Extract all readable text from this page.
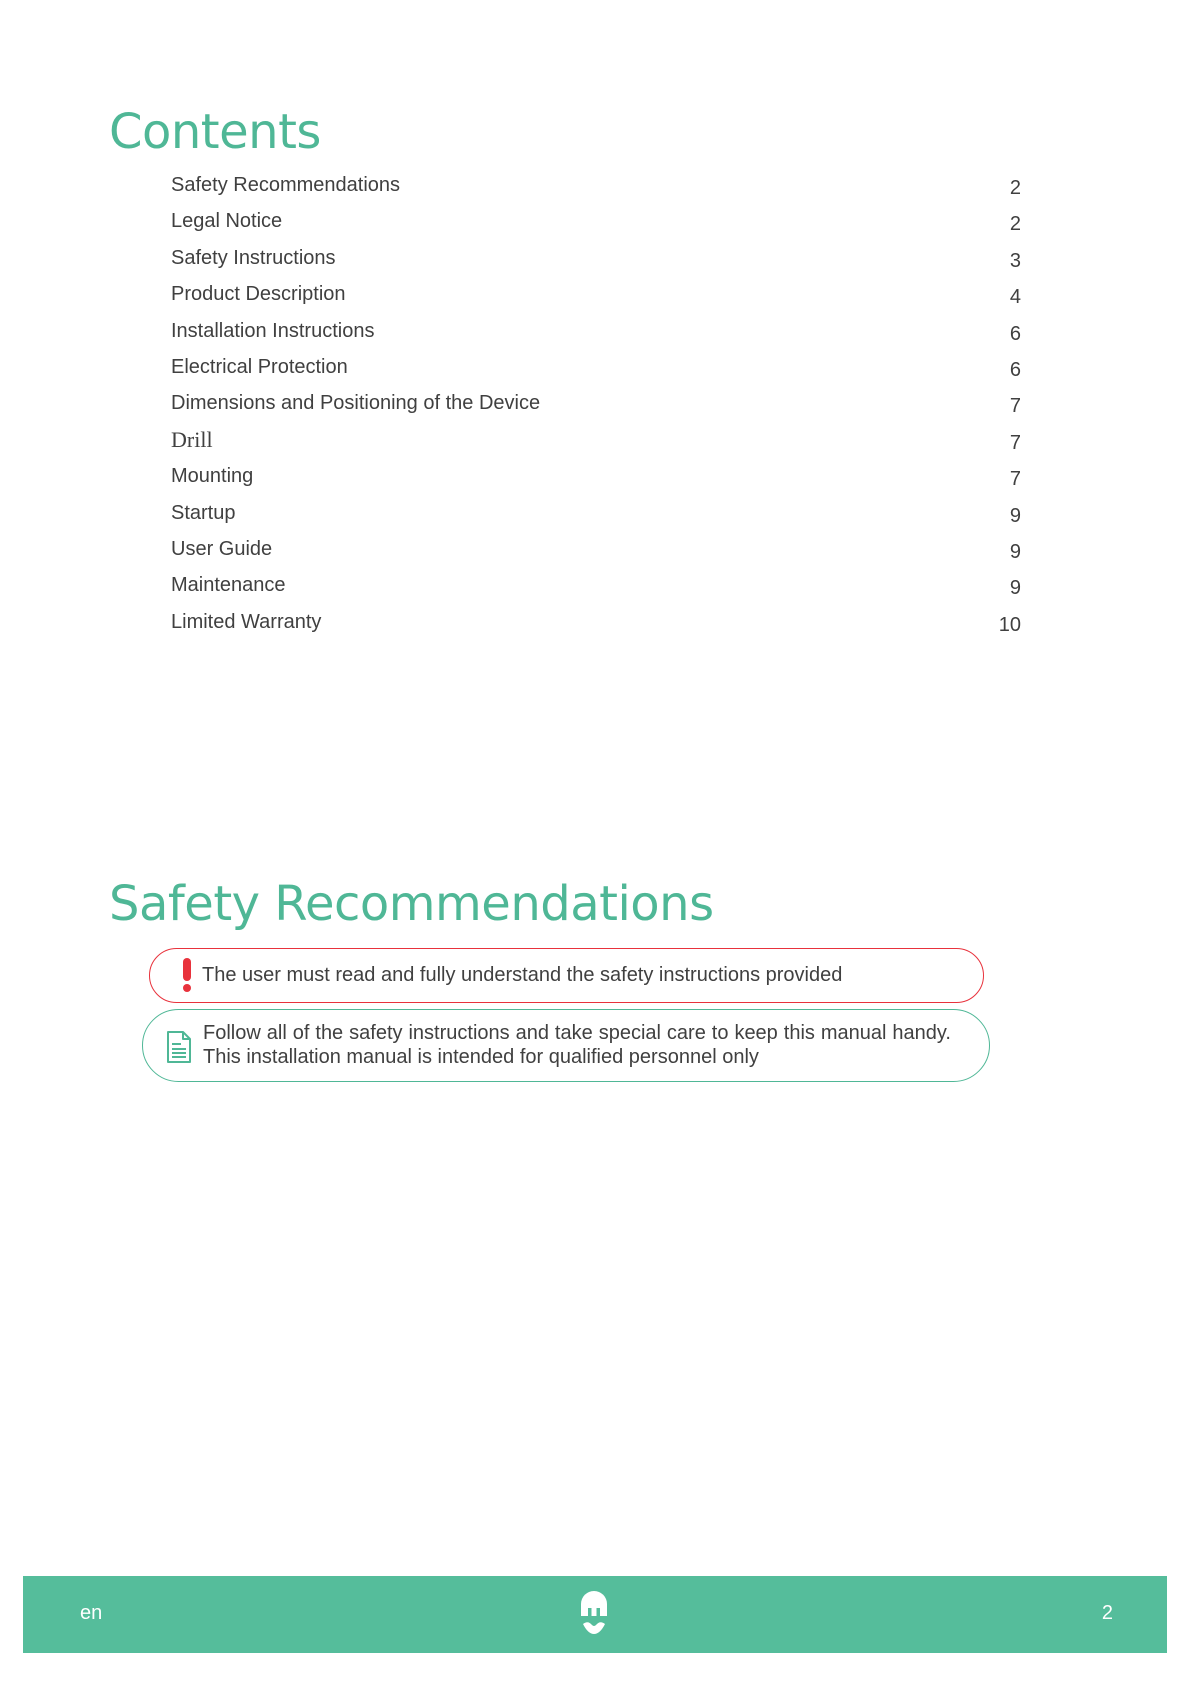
Contents
Safety Recommendations	2
Legal Notice	2
Safety Instructions	3
Product Description	4
Installation Instructions	6
Electrical Protection	6
Dimensions and Positioning of the Device	7
Drill	7
Mounting	7
Startup	9
User Guide	9
Maintenance	9
Limited Warranty	10
Safety Recommendations
The user must read and fully understand the safety instructions provided
Follow all of the safety instructions and take special care to keep this manual handy. This installation manual is intended for qualified personnel only
en	2
